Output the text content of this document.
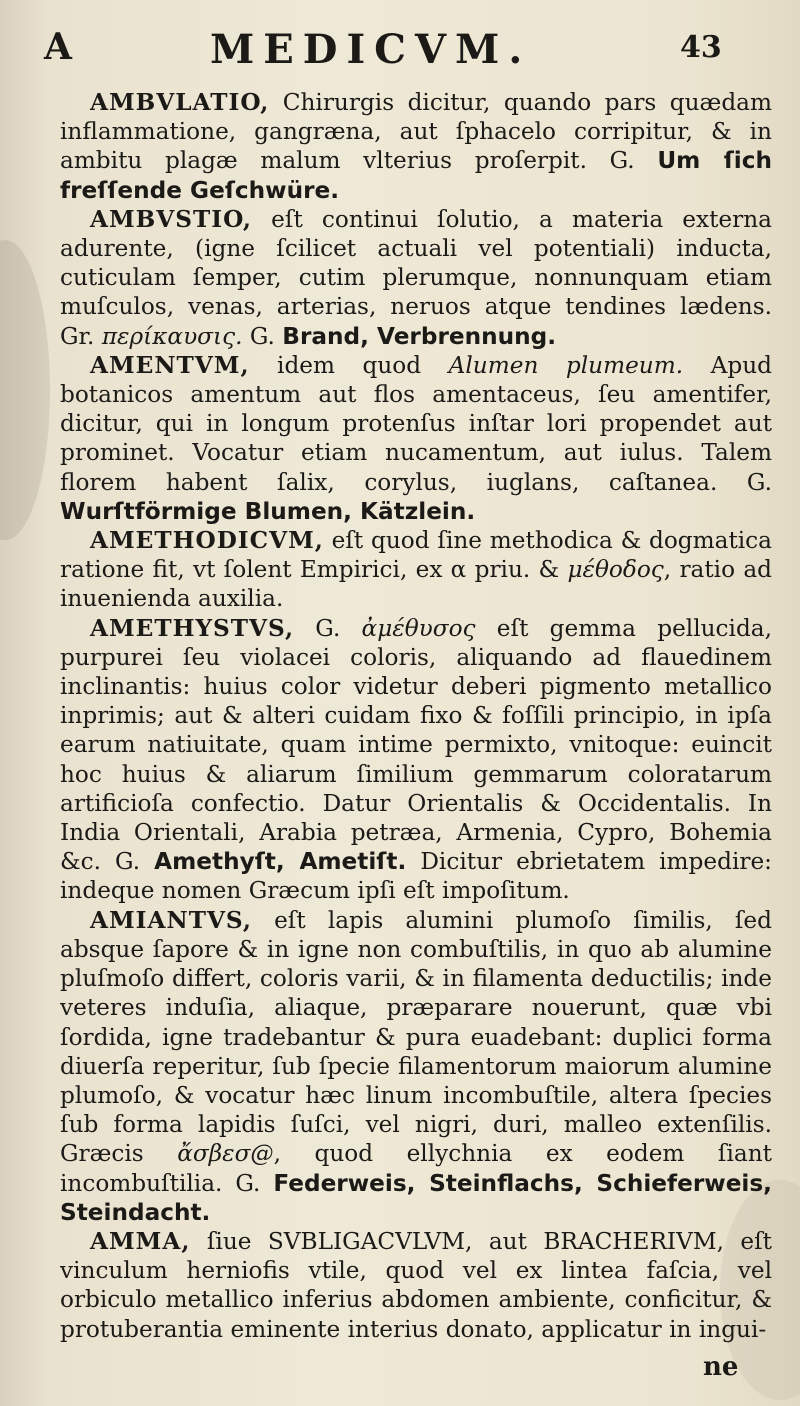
A	MEDICVM.	43

AMBVLATIO, Chirurgis dicitur, quando pars quædam inflammatione, gangræna, aut ſphacelo corripitur, & in ambitu plagæ malum vlterius proſerpit. G. Um ſich freſſende Geſchwüre.

AMBVSTIO, eſt continui ſolutio, a materia externa adurente, (igne ſcilicet actuali vel potentiali) inducta, cuticulam ſemper, cutim plerumque, nonnunquam etiam muſculos, venas, arterias, neruos atque tendines lædens. Gr. περίκαυσις. G. Brand, Verbrennung.

AMENTVM, idem quod Alumen plumeum. Apud botanicos amentum aut flos amentaceus, ſeu amentifer, dicitur, qui in longum protenſus inſtar lori propendet aut prominet. Vocatur etiam nucamentum, aut iulus. Talem florem habent ſalix, corylus, iuglans, caſtanea. G. Wurſtförmige Blumen, Kätzlein.

AMETHODICVM, eſt quod ſine methodica & dogmatica ratione fit, vt ſolent Empirici, ex α priu. & μέθοδος, ratio ad inuenienda auxilia.

AMETHYSTVS, G. ἀμέθυσος eſt gemma pellucida, purpurei ſeu violacei coloris, aliquando ad flauedinem inclinantis: huius color videtur deberi pigmento metallico inprimis; aut & alteri cuidam fixo & foſſili principio, in ipſa earum natiuitate, quam intime permixto, vnitoque: euincit hoc huius & aliarum ſimilium gemmarum coloratarum artificioſa confectio. Datur Orientalis & Occidentalis. In India Orientali, Arabia petræa, Armenia, Cypro, Bohemia &c. G. Amethyſt, Ametiſt. Dicitur ebrietatem impedire: indeque nomen Græcum ipſi eſt impoſitum.

AMIANTVS, eſt lapis alumini plumoſo ſimilis, ſed absque ſapore & in igne non combuſtilis, in quo ab alumine pluſmoſo differt, coloris varii, & in filamenta deductilis; inde veteres induſia, aliaque, præparare nouerunt, quæ vbi ſordida, igne tradebantur & pura euadebant: duplici forma diuerſa reperitur, ſub ſpecie filamentorum maiorum alumine plumoſo, & vocatur hæc linum incombuſtile, altera ſpecies ſub forma lapidis ſuſci, vel nigri, duri, malleo extenſilis. Græcis ἄσβεσ@, quod ellychnia ex eodem ſiant incombuſtilia. G. Federweis, Steinflachs, Schieferweis, Steindacht.

AMMA, ſiue SVBLIGACVLVM, aut BRACHERIVM, eſt vinculum herniofis vtile, quod vel ex lintea faſcia, vel orbiculo metallico inferius abdomen ambiente, conficitur, & protuberantia eminente interius donato, applicatur in ingui-

ne
